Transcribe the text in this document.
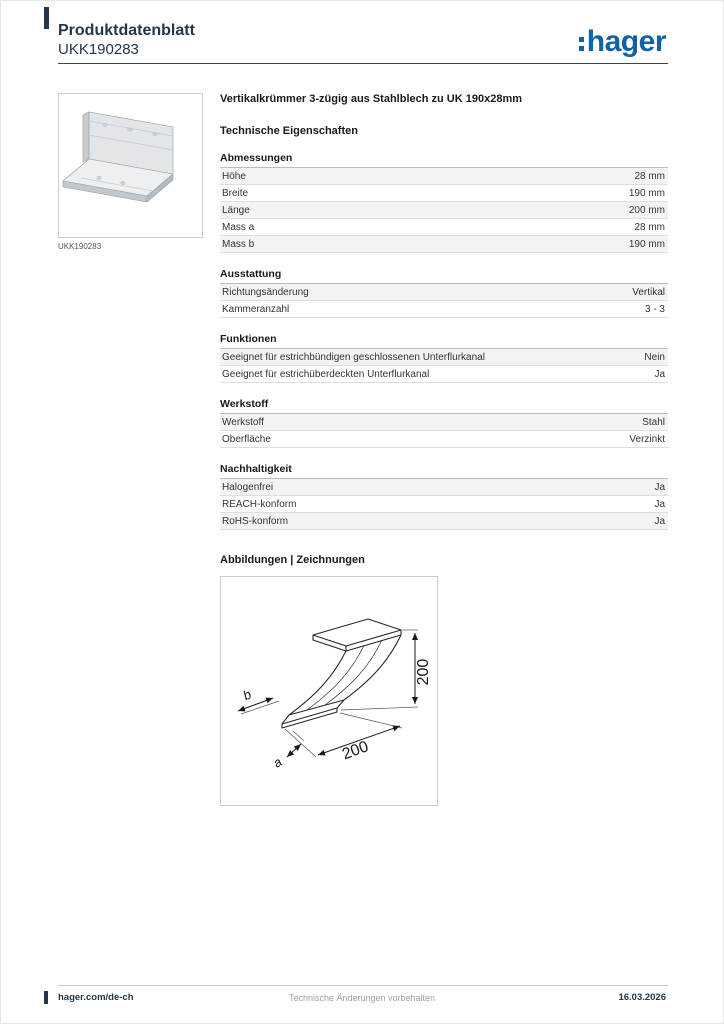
Produktdatenblatt
UKK190283	hager
UKK190283
Vertikalkrümmer 3-zügig aus Stahlblech zu UK 190x28mm
Technische Eigenschaften
Abmessungen
Höhe	28 mm
Breite	190 mm
Länge	200 mm
Mass a	28 mm
Mass b	190 mm
Ausstattung
Richtungsänderung	Vertikal
Kammeranzahl	3 - 3
Funktionen
Geeignet für estrichbündigen geschlossenen Unterflurkanal	Nein
Geeignet für estrichüberdeckten Unterflurkanal	Ja
Werkstoff
Werkstoff	Stahl
Oberfläche	Verzinkt
Nachhaltigkeit
Halogenfrei	Ja
REACH-konform	Ja
RoHS-konform	Ja
Abbildungen | Zeichnungen
200
200
a
b
hager.com/de-ch	Technische Änderungen vorbehalten	16.03.2026
